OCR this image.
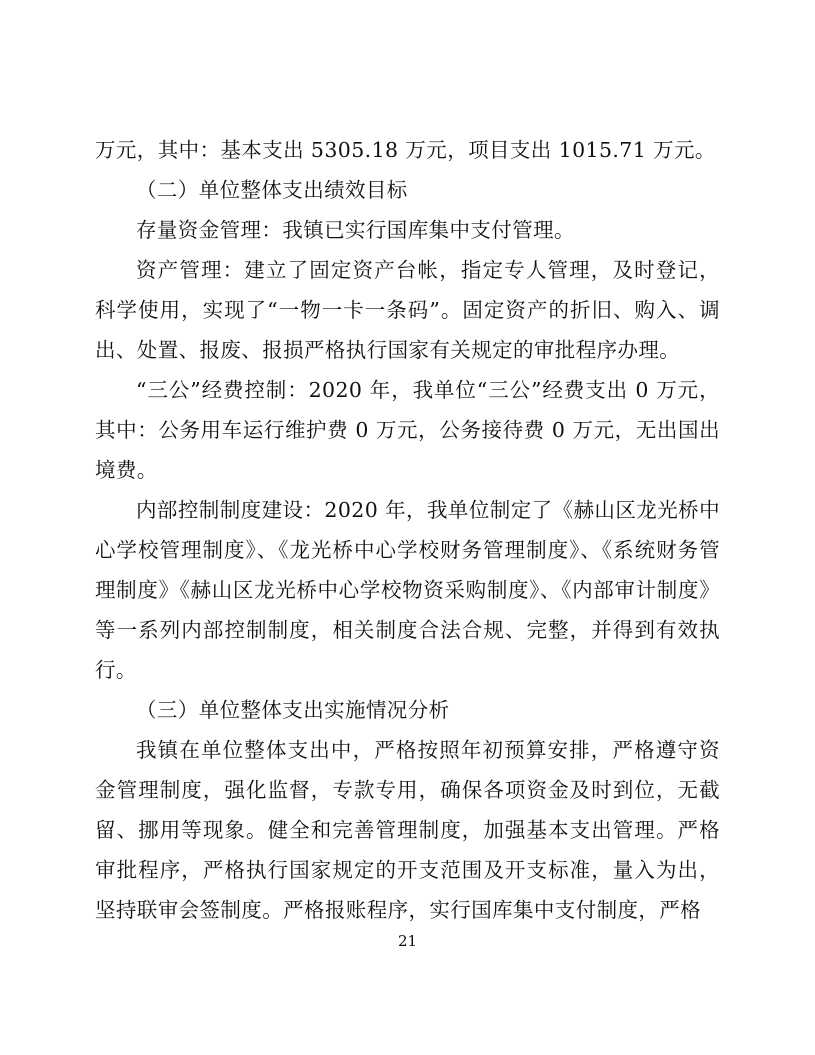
万元，其中：基本支出 5305.18 万元，项目支出 1015.71 万元。

（二）单位整体支出绩效目标

存量资金管理：我镇已实行国库集中支付管理。

资产管理：建立了固定资产台帐，指定专人管理，及时登记，科学使用，实现了“一物一卡一条码”。固定资产的折旧、购入、调出、处置、报废、报损严格执行国家有关规定的审批程序办理。

“三公”经费控制：2020 年，我单位“三公”经费支出 0 万元，其中：公务用车运行维护费 0 万元，公务接待费 0 万元，无出国出境费。

内部控制制度建设：2020 年，我单位制定了《赫山区龙光桥中心学校管理制度》、《龙光桥中心学校财务管理制度》、《系统财务管理制度》《赫山区龙光桥中心学校物资采购制度》、《内部审计制度》等一系列内部控制制度，相关制度合法合规、完整，并得到有效执行。

（三）单位整体支出实施情况分析

我镇在单位整体支出中，严格按照年初预算安排，严格遵守资金管理制度，强化监督，专款专用，确保各项资金及时到位，无截留、挪用等现象。健全和完善管理制度，加强基本支出管理。严格审批程序，严格执行国家规定的开支范围及开支标准，量入为出，坚持联审会签制度。严格报账程序，实行国库集中支付制度，严格

21
